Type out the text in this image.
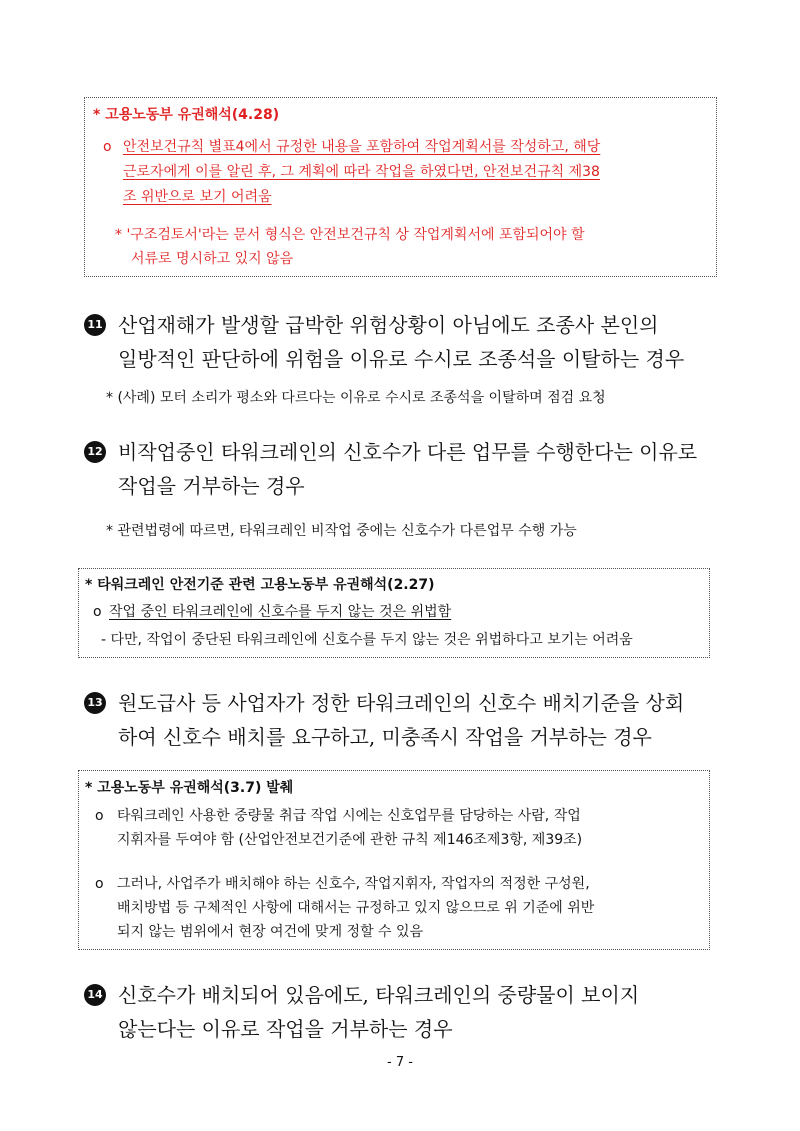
* 고용노동부 유권해석(4.28)
o 안전보건규칙 별표4에서 규정한 내용을 포함하여 작업계획서를 작성하고, 해당
근로자에게 이를 알린 후, 그 계획에 따라 작업을 하였다면, 안전보건규칙 제38
조 위반으로 보기 어려움
* '구조검토서'라는 문서 형식은 안전보건규칙 상 작업계획서에 포함되어야 할
서류로 명시하고 있지 않음
11 산업재해가 발생할 급박한 위험상황이 아님에도 조종사 본인의
일방적인 판단하에 위험을 이유로 수시로 조종석을 이탈하는 경우
* (사례) 모터 소리가 평소와 다르다는 이유로 수시로 조종석을 이탈하며 점검 요청
12 비작업중인 타워크레인의 신호수가 다른 업무를 수행한다는 이유로
작업을 거부하는 경우
* 관련법령에 따르면, 타워크레인 비작업 중에는 신호수가 다른업무 수행 가능
* 타워크레인 안전기준 관련 고용노동부 유권해석(2.27)
o 작업 중인 타워크레인에 신호수를 두지 않는 것은 위법함
- 다만, 작업이 중단된 타워크레인에 신호수를 두지 않는 것은 위법하다고 보기는 어려움
13 원도급사 등 사업자가 정한 타워크레인의 신호수 배치기준을 상회
하여 신호수 배치를 요구하고, 미충족시 작업을 거부하는 경우
* 고용노동부 유권해석(3.7) 발췌
o 타워크레인 사용한 중량물 취급 작업 시에는 신호업무를 담당하는 사람, 작업
지휘자를 두여야 함 (산업안전보건기준에 관한 규칙 제146조제3항, 제39조)
o 그러나, 사업주가 배치해야 하는 신호수, 작업지휘자, 작업자의 적정한 구성원,
배치방법 등 구체적인 사항에 대해서는 규정하고 있지 않으므로 위 기준에 위반
되지 않는 범위에서 현장 여건에 맞게 정할 수 있음
14 신호수가 배치되어 있음에도, 타워크레인의 중량물이 보이지
않는다는 이유로 작업을 거부하는 경우
- 7 -
